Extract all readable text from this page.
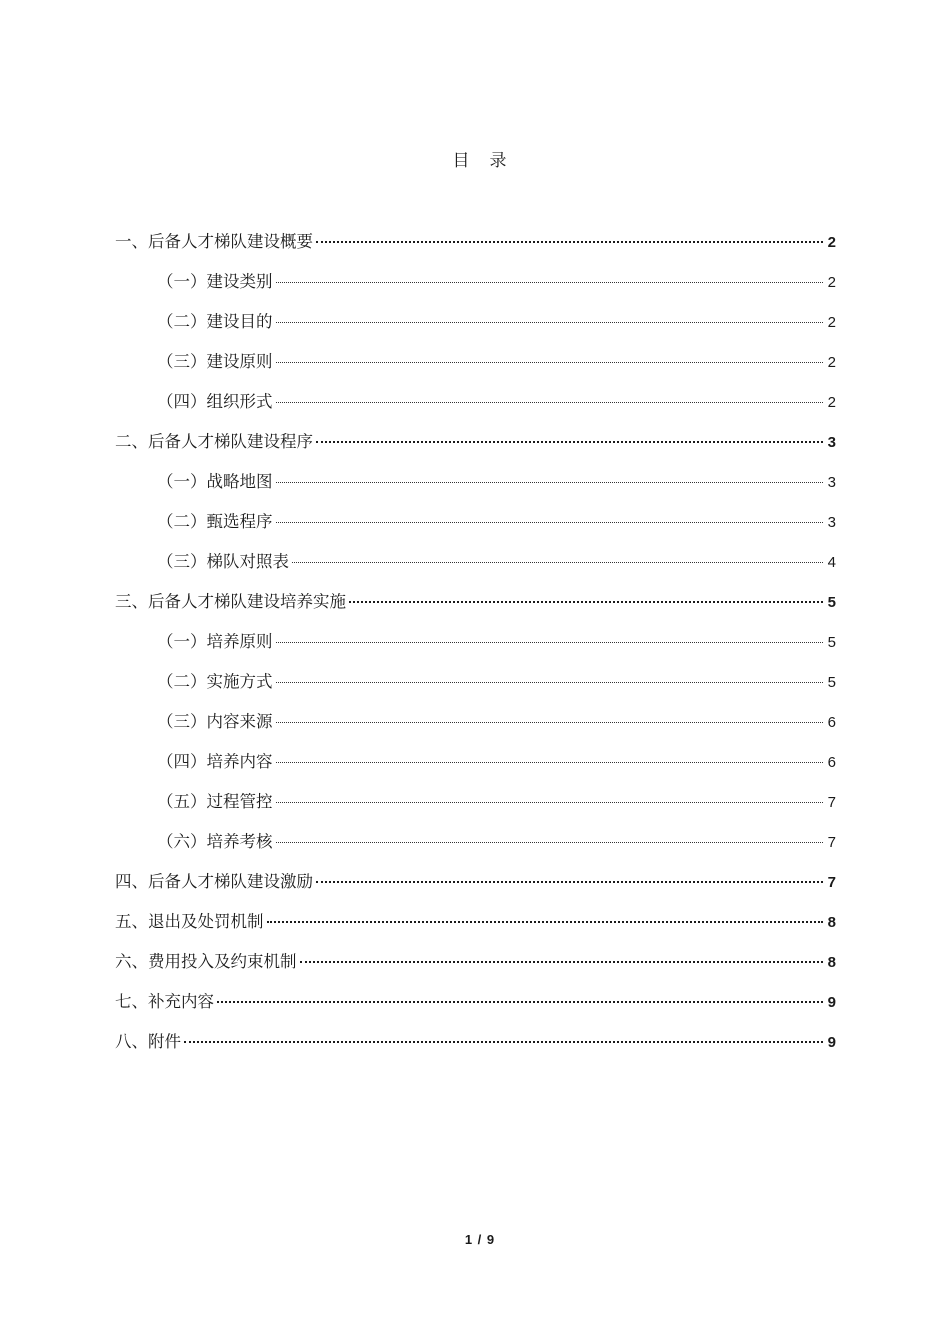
目  录
一、后备人才梯队建设概要	2
（一）建设类别	2
（二）建设目的	2
（三）建设原则	2
（四）组织形式	2
二、后备人才梯队建设程序	3
（一）战略地图	3
（二）甄选程序	3
（三）梯队对照表	4
三、后备人才梯队建设培养实施	5
（一）培养原则	5
（二）实施方式	5
（三）内容来源	6
（四）培养内容	6
（五）过程管控	7
（六）培养考核	7
四、后备人才梯队建设激励	7
五、退出及处罚机制	8
六、费用投入及约束机制	8
七、补充内容	9
八、附件	9
1 / 9
